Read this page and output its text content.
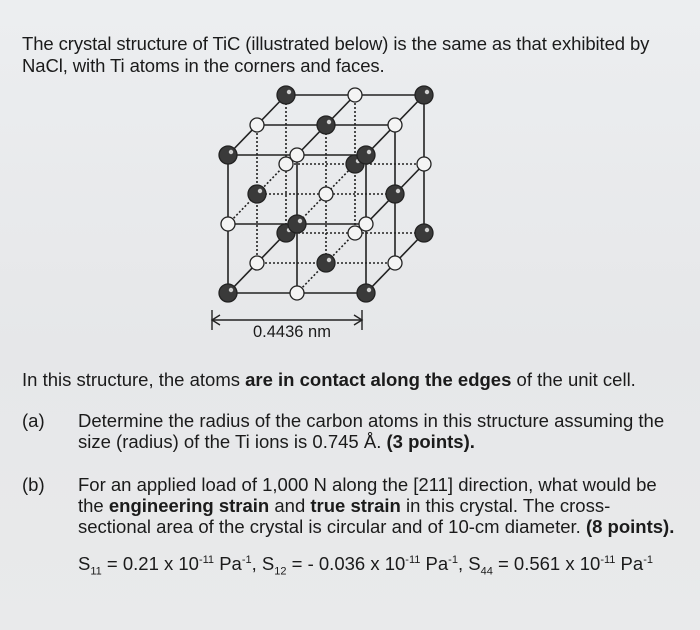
The crystal structure of TiC (illustrated below) is the same as that exhibited by
NaCl, with Ti atoms in the corners and faces.
0.4436 nm
In this structure, the atoms are in contact along the edges of the unit cell.
(a) Determine the radius of the carbon atoms in this structure assuming the
size (radius) of the Ti ions is 0.745 Å. (3 points).
(b) For an applied load of 1,000 N along the [211] direction, what would be
the engineering strain and true strain in this crystal. The cross-
sectional area of the crystal is circular and of 10-cm diameter. (8 points).
$S_{11} = 0.21$ x $10^{-11}$ $Pa^{-1}$, $S_{12}$ = - 0.036 x $10^{-11}$ $Pa^{-1}$, $S_{44} = 0.561$ x $10^{-11}$ $Pa^{-1}$
